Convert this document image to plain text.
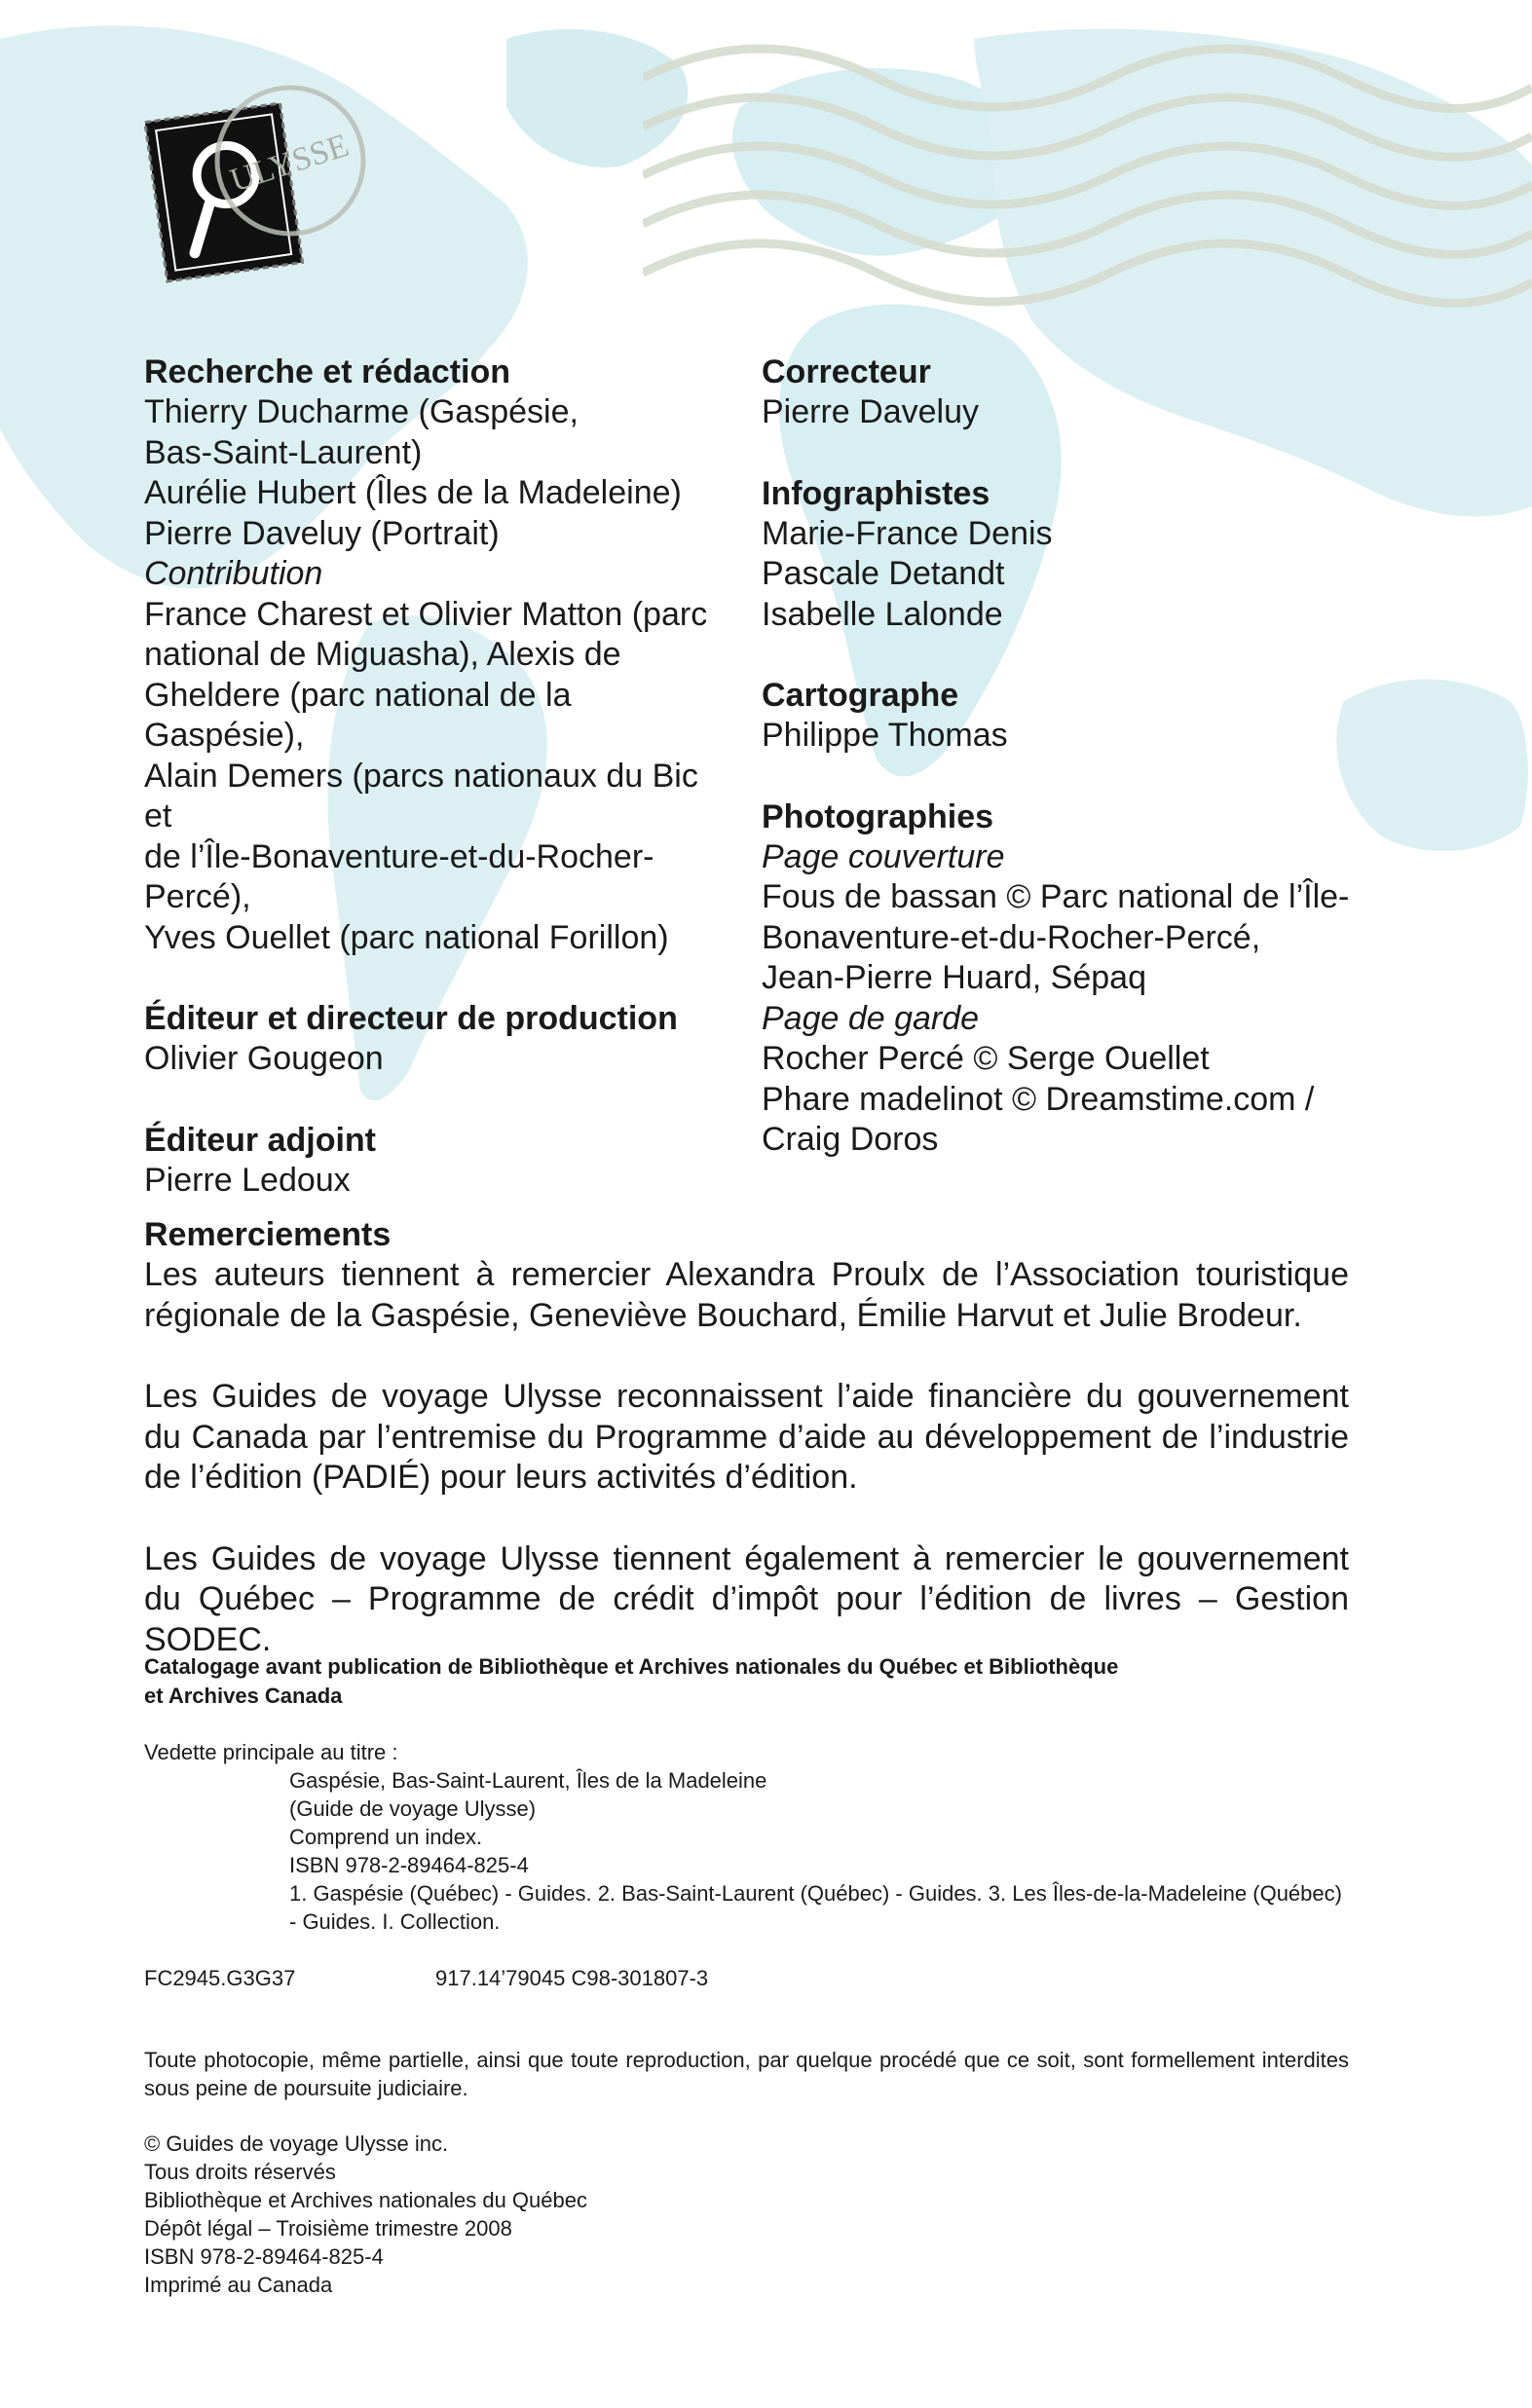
ULYSSE
Recherche et rédaction
Thierry Ducharme (Gaspésie,
Bas-Saint-Laurent)
Aurélie Hubert (Îles de la Madeleine)
Pierre Daveluy (Portrait)
Contribution
France Charest et Olivier Matton (parc
national de Miguasha), Alexis de
Gheldere (parc national de la Gaspésie),
Alain Demers (parcs nationaux du Bic et
de l’Île-Bonaventure-et-du-Rocher-Percé),
Yves Ouellet (parc national Forillon)
Éditeur et directeur de production
Olivier Gougeon
Éditeur adjoint
Pierre Ledoux
Correcteur
Pierre Daveluy
Infographistes
Marie-France Denis
Pascale Detandt
Isabelle Lalonde
Cartographe
Philippe Thomas
Photographies
Page couverture
Fous de bassan © Parc national de l’Île-
Bonaventure-et-du-Rocher-Percé,
Jean-Pierre Huard, Sépaq
Page de garde
Rocher Percé © Serge Ouellet
Phare madelinot © Dreamstime.com /
Craig Doros
Remerciements

Les auteurs tiennent à remercier Alexandra Proulx de l’Association touristique régionale de la Gaspésie, Geneviève Bouchard, Émilie Harvut et Julie Brodeur.

Les Guides de voyage Ulysse reconnaissent l’aide financière du gouvernement du Canada par l’entremise du Programme d’aide au développement de l’industrie de l’édition (PADIÉ) pour leurs activités d’édition.

Les Guides de voyage Ulysse tiennent également à remercier le gouvernement du Québec – Programme de crédit d’impôt pour l’édition de livres – Gestion SODEC.

Catalogage avant publication de Bibliothèque et Archives nationales du Québec et Bibliothèque
et Archives Canada
Vedette principale au titre :
Gaspésie, Bas-Saint-Laurent, Îles de la Madeleine
(Guide de voyage Ulysse)
Comprend un index.
ISBN 978-2-89464-825-4
1. Gaspésie (Québec) - Guides. 2. Bas-Saint-Laurent (Québec) - Guides. 3. Les Îles-de-la-Madeleine (Québec)
- Guides. I. Collection.
FC2945.G3G37	917.14’79045 C98-301807-3
Toute photocopie, même partielle, ainsi que toute reproduction, par quelque procédé que ce soit, sont formellement interdites sous peine de poursuite judiciaire.
© Guides de voyage Ulysse inc.
Tous droits réservés
Bibliothèque et Archives nationales du Québec
Dépôt légal – Troisième trimestre 2008
ISBN 978-2-89464-825-4
Imprimé au Canada
